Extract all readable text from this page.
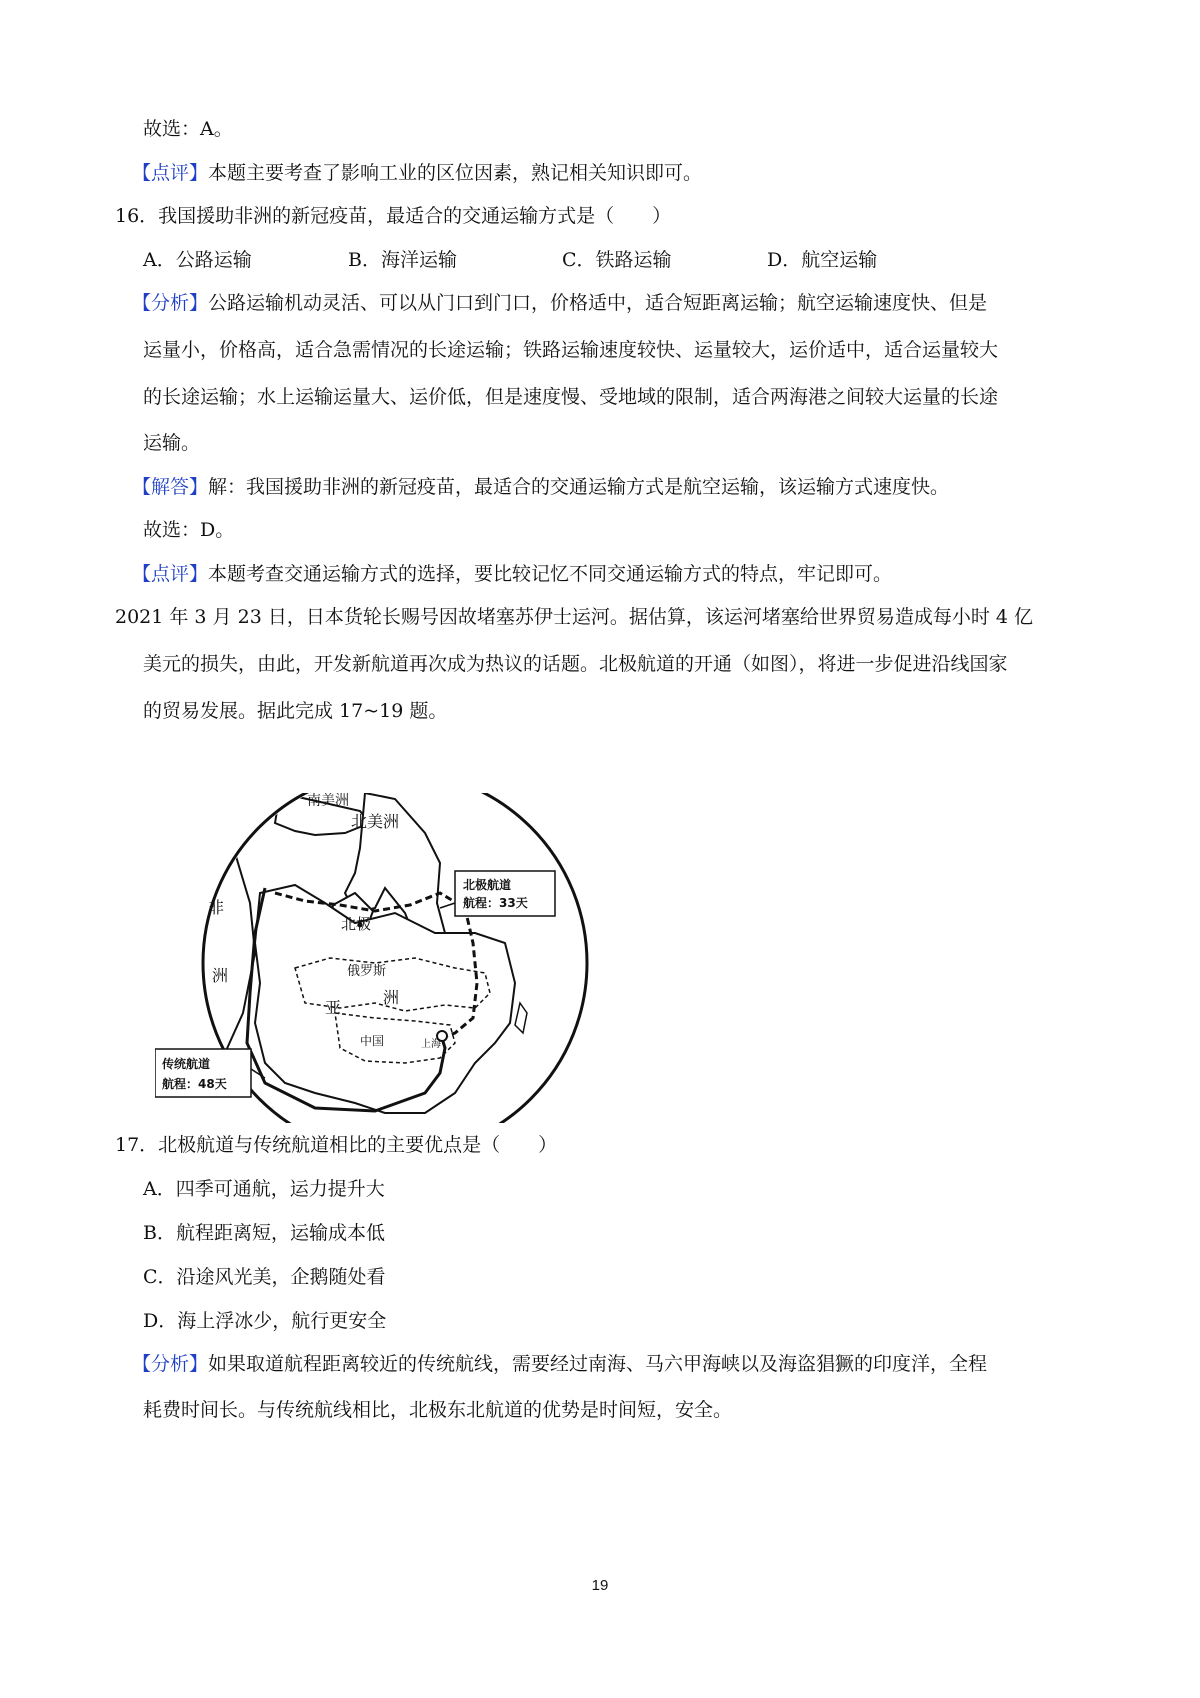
故选：A。
【点评】本题主要考查了影响工业的区位因素，熟记相关知识即可。
16．我国援助非洲的新冠疫苗，最适合的交通运输方式是（　　）
A．公路运输	B．海洋运输	C．铁路运输	D．航空运输
【分析】公路运输机动灵活、可以从门口到门口，价格适中，适合短距离运输；航空运输速度快、但是
运量小，价格高，适合急需情况的长途运输；铁路运输速度较快、运量较大，运价适中，适合运量较大
的长途运输；水上运输运量大、运价低，但是速度慢、受地域的限制，适合两海港之间较大运量的长途
运输。
【解答】解：我国援助非洲的新冠疫苗，最适合的交通运输方式是航空运输，该运输方式速度快。
故选：D。
【点评】本题考查交通运输方式的选择，要比较记忆不同交通运输方式的特点，牢记即可。
2021 年 3 月 23 日，日本货轮长赐号因故堵塞苏伊士运河。据估算，该运河堵塞给世界贸易造成每小时 4 亿
美元的损失，由此，开发新航道再次成为热议的话题。北极航道的开通（如图），将进一步促进沿线国家
的贸易发展。据此完成 17~19 题。
南美洲
北美洲
非
洲
北极
俄罗斯
亚
洲
中国	上海
北极航道
航程：33天
传统航道
航程：48天
17．北极航道与传统航道相比的主要优点是（　　）
A．四季可通航，运力提升大
B．航程距离短，运输成本低
C．沿途风光美，企鹅随处看
D．海上浮冰少，航行更安全
【分析】如果取道航程距离较近的传统航线，需要经过南海、马六甲海峡以及海盗猖獗的印度洋，全程
耗费时间长。与传统航线相比，北极东北航道的优势是时间短，安全。
19
